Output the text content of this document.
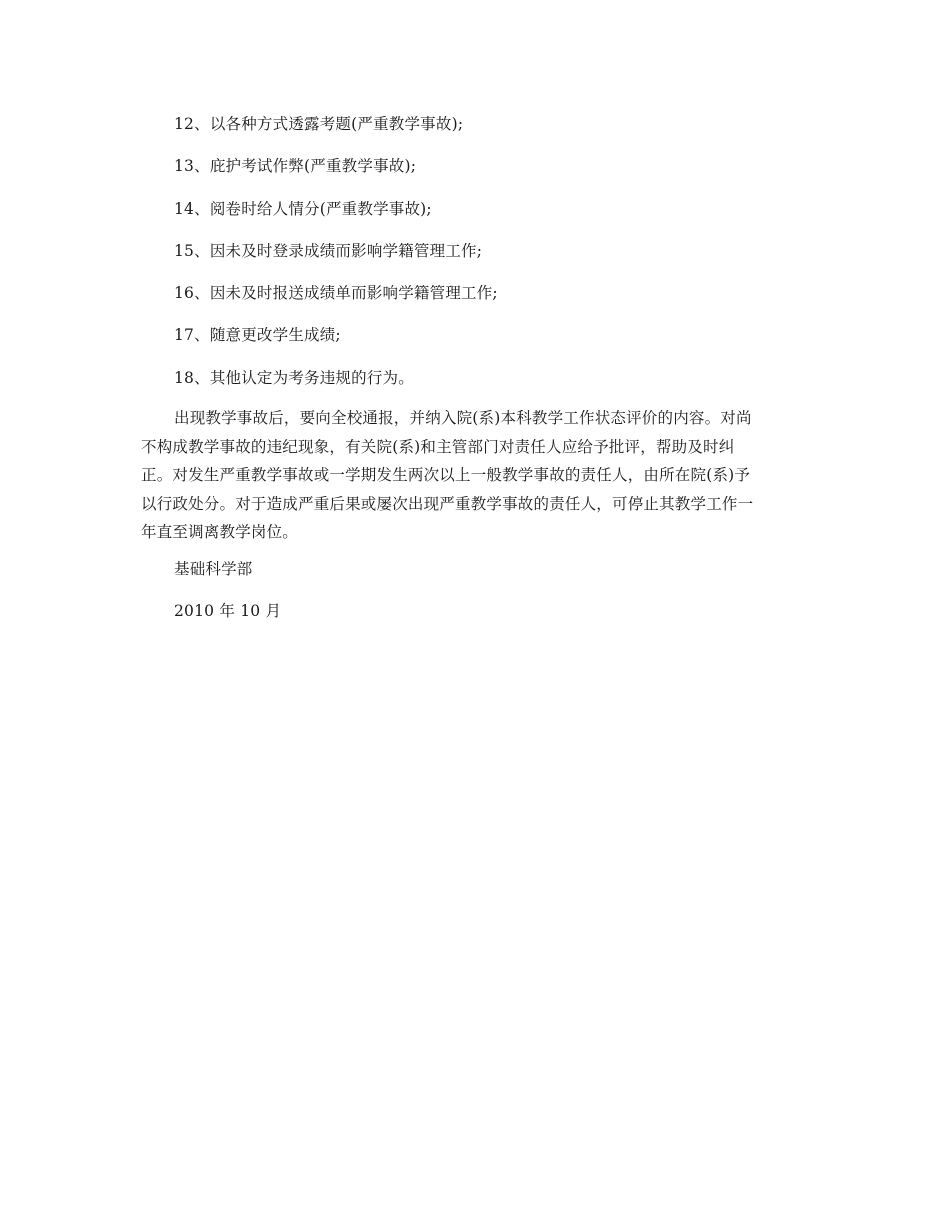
12、以各种方式透露考题(严重教学事故);
13、庇护考试作弊(严重教学事故);
14、阅卷时给人情分(严重教学事故);
15、因未及时登录成绩而影响学籍管理工作;
16、因未及时报送成绩单而影响学籍管理工作;
17、随意更改学生成绩;
18、其他认定为考务违规的行为。
出现教学事故后，要向全校通报，并纳入院(系)本科教学工作状态评价的内容。对尚
不构成教学事故的违纪现象，有关院(系)和主管部门对责任人应给予批评，帮助及时纠
正。对发生严重教学事故或一学期发生两次以上一般教学事故的责任人，由所在院(系)予
以行政处分。对于造成严重后果或屡次出现严重教学事故的责任人，可停止其教学工作一
年直至调离教学岗位。
基础科学部
2010 年 10 月
